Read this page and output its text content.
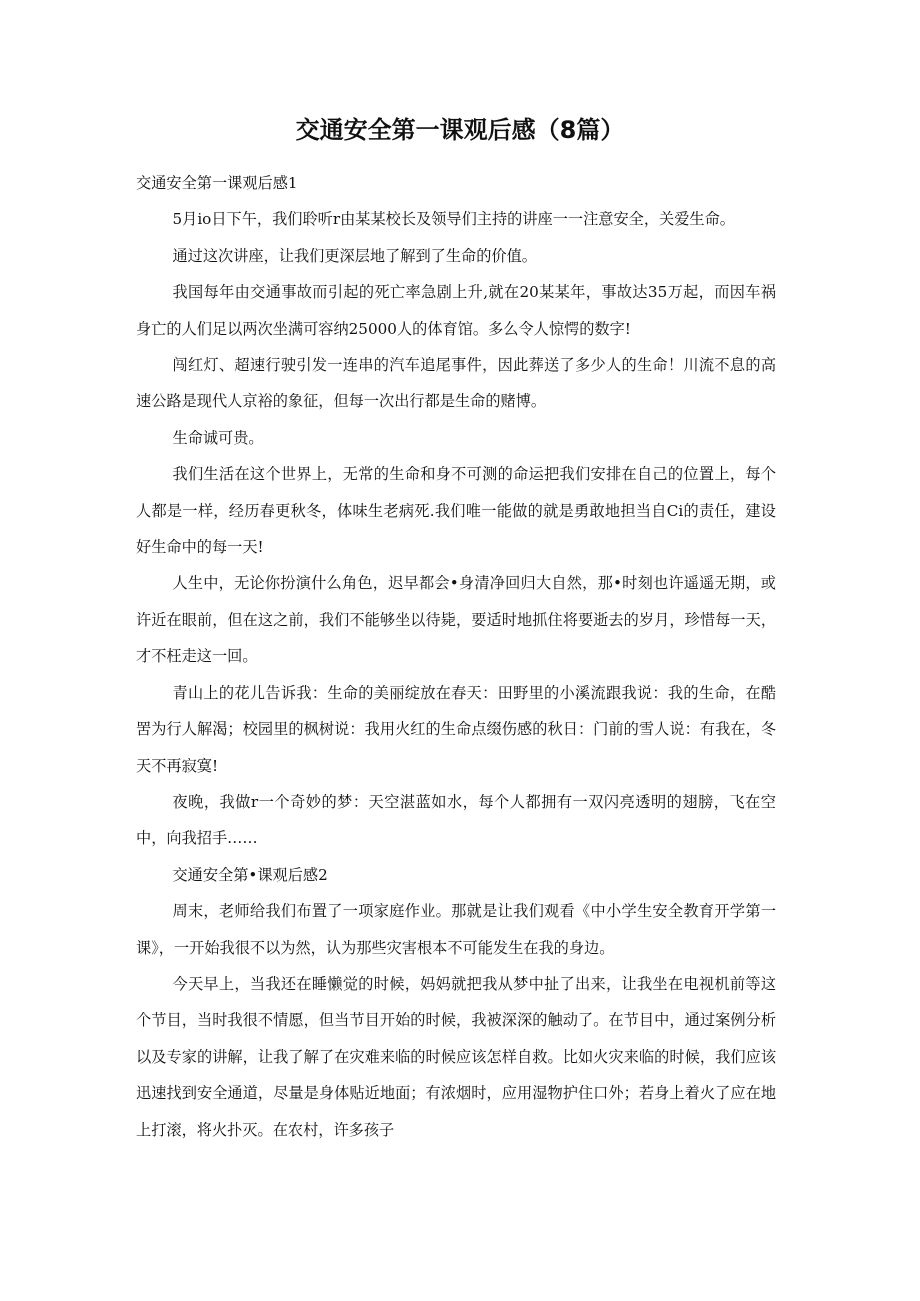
交通安全第一课观后感（8篇）

交通安全第一课观后感1

5月io日下午，我们聆听r由某某校长及领导们主持的讲座一一注意安全，关爱生命。

通过这次讲座，让我们更深层地了解到了生命的价值。

我国每年由交通事故而引起的死亡率急剧上升,就在20某某年，事故达35万起，而因车祸身亡的人们足以两次坐满可容纳25000人的体育馆。多么令人惊愕的数字!

闯红灯、超速行驶引发一连串的汽车追尾事件，因此葬送了多少人的生命！川流不息的高速公路是现代人京裕的象征，但每一次出行都是生命的赌博。

生命诚可贵。

我们生活在这个世界上，无常的生命和身不可测的命运把我们安排在自己的位置上，每个人都是一样，经历春更秋冬，体味生老病死.我们唯一能做的就是勇敢地担当自Ci的责任，建设好生命中的每一天!

人生中，无论你扮演什么角色，迟早都会•身清净回归大自然，那•时刻也许遥遥无期，或许近在眼前，但在这之前，我们不能够坐以待毙，要适时地抓住将要逝去的岁月，珍惜每一天，才不枉走这一回。

青山上的花儿告诉我：生命的美丽绽放在春天：田野里的小溪流跟我说：我的生命，在酷罟为行人解渴；校园里的枫树说：我用火红的生命点缀伤感的秋日：门前的雪人说：有我在，冬天不再寂寞!

夜晚，我做r一个奇妙的梦：天空湛蓝如水，每个人都拥有一双闪亮透明的翅膀，飞在空中，向我招手……

交通安全第•课观后感2

周末，老师给我们布置了一项家庭作业。那就是让我们观看《中小学生安全教育开学第一课》，一开始我很不以为然，认为那些灾害根本不可能发生在我的身边。

今天早上，当我还在睡懒觉的时候，妈妈就把我从梦中扯了出来，让我坐在电视机前等这个节目，当时我很不情愿，但当节目开始的时候，我被深深的触动了。在节目中，通过案例分析以及专家的讲解，让我了解了在灾难来临的时候应该怎样自救。比如火灾来临的时候，我们应该迅速找到安全通道，尽量是身体贴近地面；有浓烟时，应用湿物护住口外；若身上着火了应在地上打滚，将火扑灭。在农村，许多孩子
